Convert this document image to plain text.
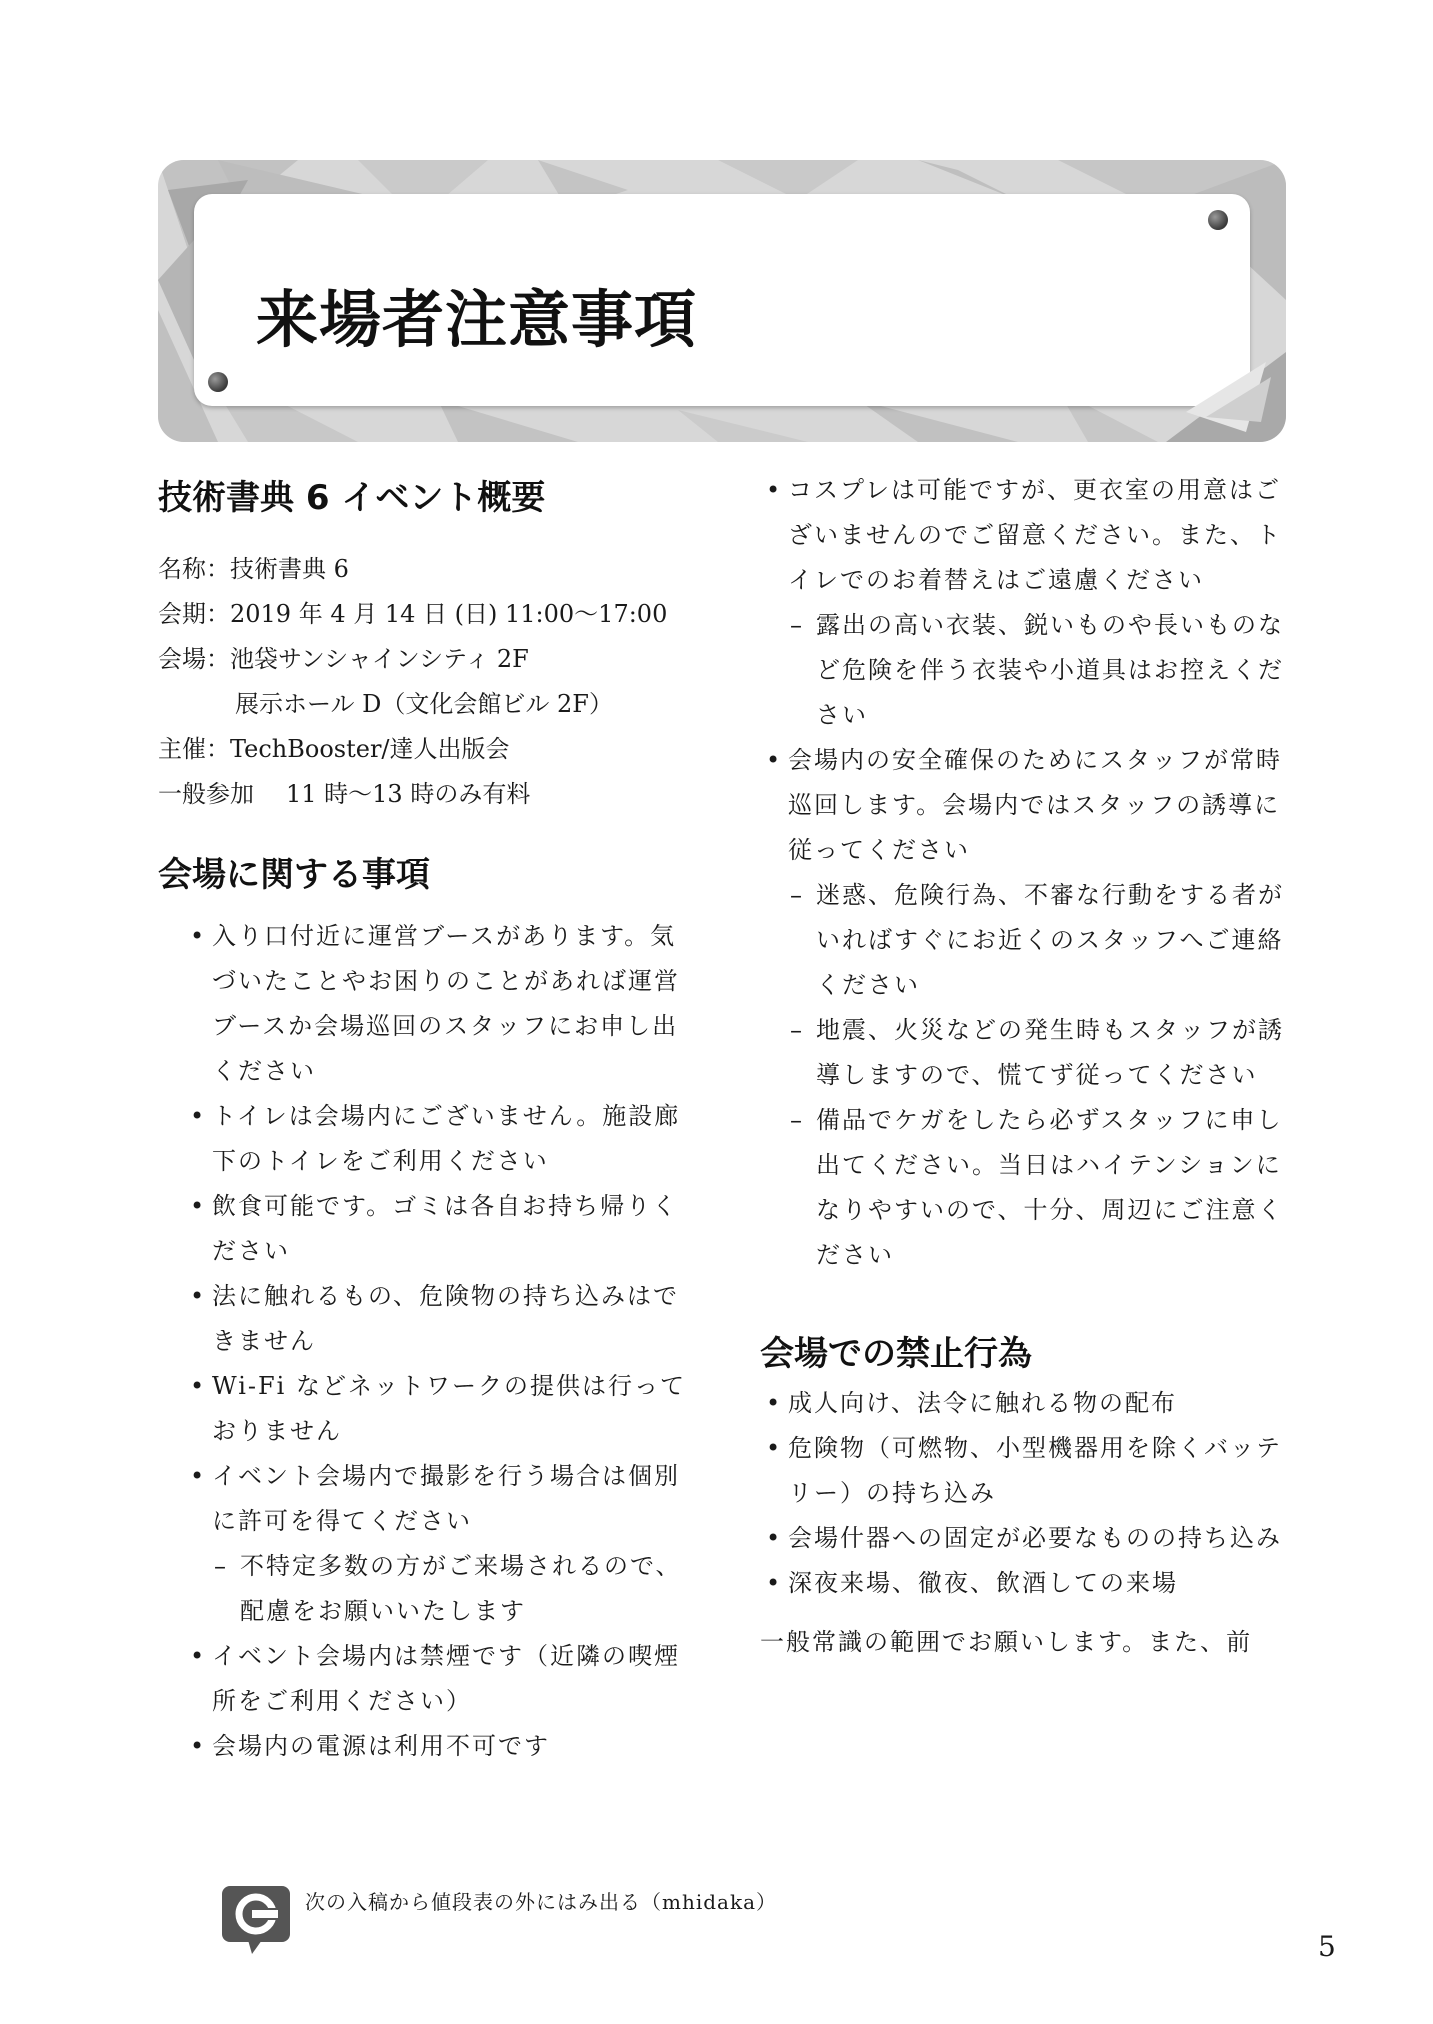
来場者注意事項
技術書典 6 イベント概要
名称： 技術書典 6
会期： 2019 年 4 月 14 日 (日) 11:00〜17:00
会場： 池袋サンシャインシティ 2F
展示ホール D（文化会館ビル 2F）
主催： TechBooster/達人出版会
一般参加	11 時〜13 時のみ有料
会場に関する事項
• 入り口付近に運営ブースがあります。気づいたことやお困りのことがあれば運営ブースか会場巡回のスタッフにお申し出ください
• トイレは会場内にございません。施設廊下のトイレをご利用ください
• 飲食可能です。ゴミは各自お持ち帰りください
• 法に触れるもの、危険物の持ち込みはできません
• Wi-Fi などネットワークの提供は行っておりません
• イベント会場内で撮影を行う場合は個別に許可を得てください
– 不特定多数の方がご来場されるので、配慮をお願いいたします
• イベント会場内は禁煙です（近隣の喫煙所をご利用ください）
• 会場内の電源は利用不可です
• コスプレは可能ですが、更衣室の用意はございませんのでご留意ください。また、トイレでのお着替えはご遠慮ください
– 露出の高い衣装、鋭いものや長いものなど危険を伴う衣装や小道具はお控えください
• 会場内の安全確保のためにスタッフが常時巡回します。会場内ではスタッフの誘導に従ってください
– 迷惑、危険行為、不審な行動をする者がいればすぐにお近くのスタッフへご連絡ください
– 地震、火災などの発生時もスタッフが誘導しますので、慌てず従ってください
– 備品でケガをしたら必ずスタッフに申し出てください。当日はハイテンションになりやすいので、十分、周辺にご注意ください
会場での禁止行為
• 成人向け、法令に触れる物の配布
• 危険物（可燃物、小型機器用を除くバッテリー）の持ち込み
• 会場什器への固定が必要なものの持ち込み
• 深夜来場、徹夜、飲酒しての来場

一般常識の範囲でお願いします。また、前

次の入稿から値段表の外にはみ出る（mhidaka）
5
